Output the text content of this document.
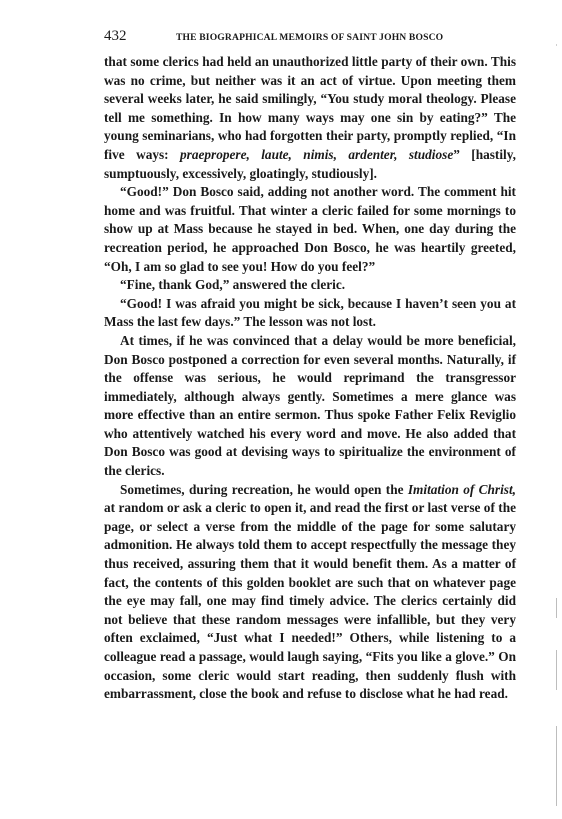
432	THE BIOGRAPHICAL MEMOIRS OF SAINT JOHN BOSCO

that some clerics had held an unauthorized little party of their own. This was no crime, but neither was it an act of virtue. Upon meeting them several weeks later, he said smilingly, “You study moral theology. Please tell me something. In how many ways may one sin by eating?” The young seminarians, who had forgotten their party, promptly replied, “In five ways: praepropere, laute, nimis, ardenter, studiose” [hastily, sumptuously, excessively, gloatingly, studiously].

“Good!” Don Bosco said, adding not another word. The comment hit home and was fruitful. That winter a cleric failed for some mornings to show up at Mass because he stayed in bed. When, one day during the recreation period, he approached Don Bosco, he was heartily greeted, “Oh, I am so glad to see you! How do you feel?”

“Fine, thank God,” answered the cleric.

“Good! I was afraid you might be sick, because I haven’t seen you at Mass the last few days.” The lesson was not lost.

At times, if he was convinced that a delay would be more beneficial, Don Bosco postponed a correction for even several months. Naturally, if the offense was serious, he would reprimand the transgressor immediately, although always gently. Sometimes a mere glance was more effective than an entire sermon. Thus spoke Father Felix Reviglio who attentively watched his every word and move. He also added that Don Bosco was good at devising ways to spiritualize the environment of the clerics.

Sometimes, during recreation, he would open the Imitation of Christ, at random or ask a cleric to open it, and read the first or last verse of the page, or select a verse from the middle of the page for some salutary admonition. He always told them to accept respectfully the message they thus received, assuring them that it would benefit them. As a matter of fact, the contents of this golden booklet are such that on whatever page the eye may fall, one may find timely advice. The clerics certainly did not believe that these random messages were infallible, but they very often exclaimed, “Just what I needed!” Others, while listening to a colleague read a passage, would laugh saying, “Fits you like a glove.” On occasion, some cleric would start reading, then suddenly flush with embarrassment, close the book and refuse to disclose what he had read.
